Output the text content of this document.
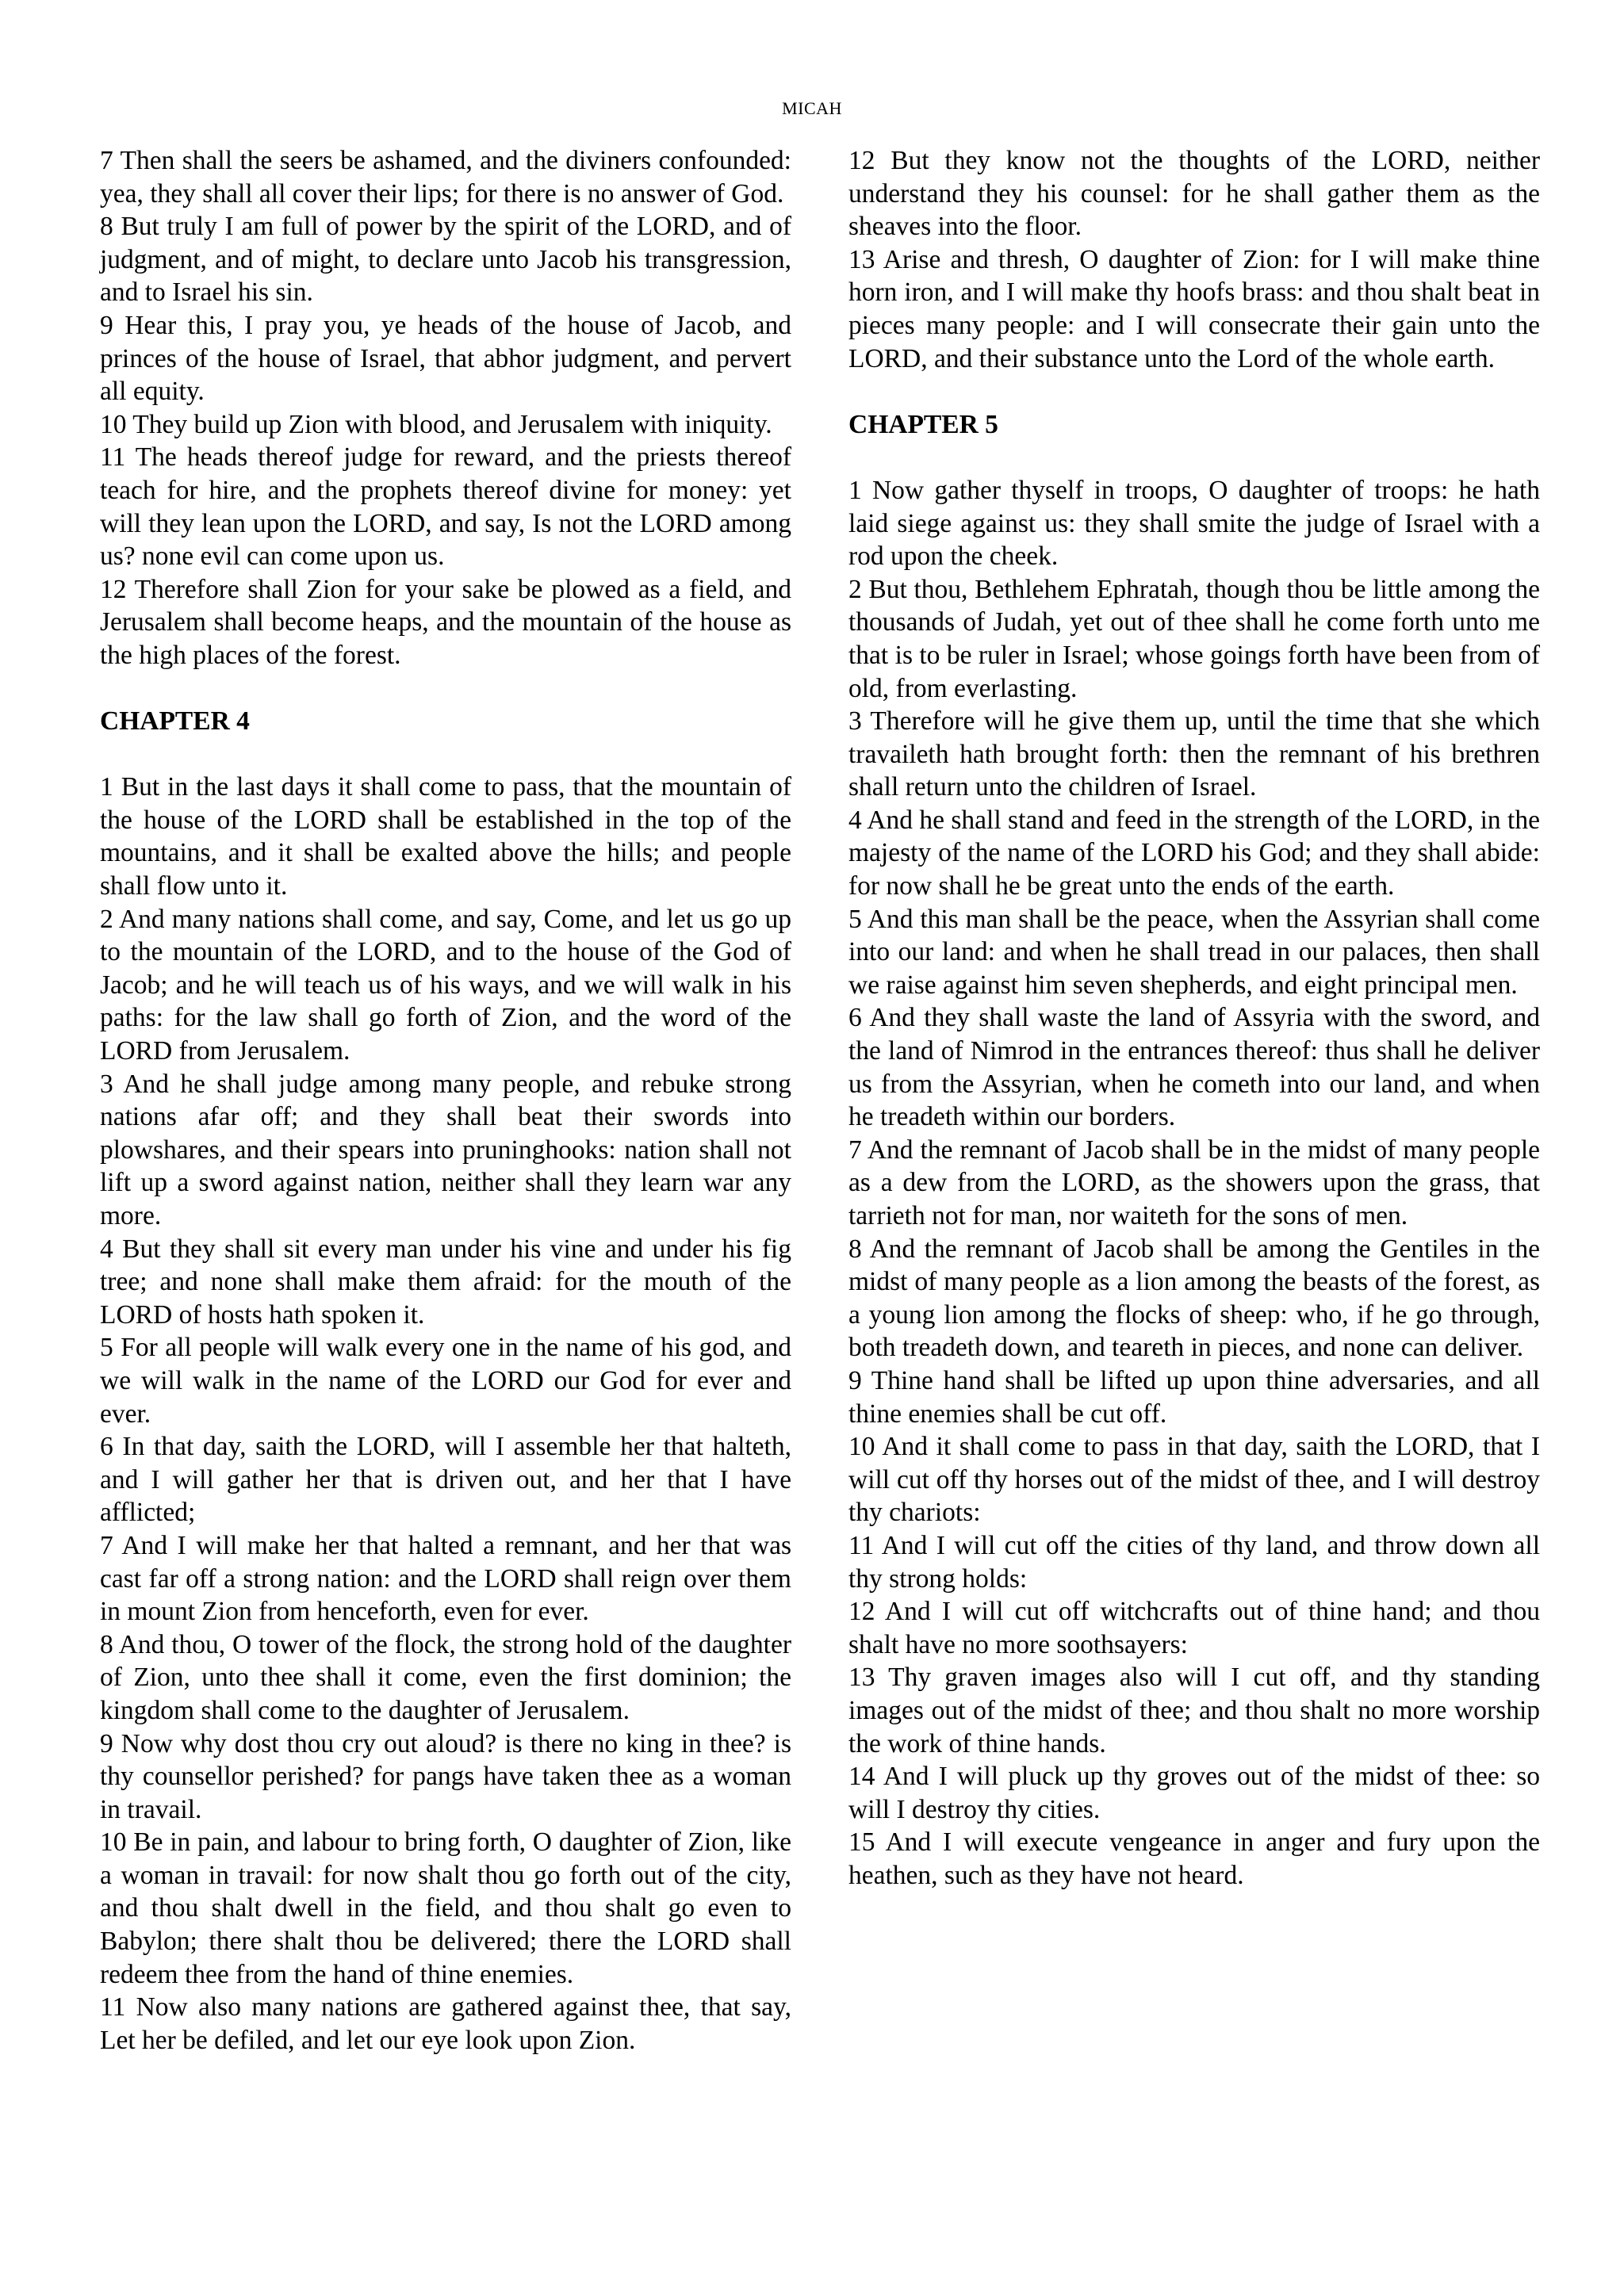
MICAH

7 Then shall the seers be ashamed, and the diviners confounded: yea, they shall all cover their lips; for there is no answer of God.

8 But truly I am full of power by the spirit of the LORD, and of judgment, and of might, to declare unto Jacob his transgression, and to Israel his sin.

9 Hear this, I pray you, ye heads of the house of Jacob, and princes of the house of Israel, that abhor judgment, and pervert all equity.

10 They build up Zion with blood, and Jerusalem with iniquity.

11 The heads thereof judge for reward, and the priests thereof teach for hire, and the prophets thereof divine for money: yet will they lean upon the LORD, and say, Is not the LORD among us? none evil can come upon us.

12 Therefore shall Zion for your sake be plowed as a field, and Jerusalem shall become heaps, and the mountain of the house as the high places of the forest.

CHAPTER 4

1 But in the last days it shall come to pass, that the mountain of the house of the LORD shall be established in the top of the mountains, and it shall be exalted above the hills; and people shall flow unto it.

2 And many nations shall come, and say, Come, and let us go up to the mountain of the LORD, and to the house of the God of Jacob; and he will teach us of his ways, and we will walk in his paths: for the law shall go forth of Zion, and the word of the LORD from Jerusalem.

3 And he shall judge among many people, and rebuke strong nations afar off; and they shall beat their swords into plowshares, and their spears into pruninghooks: nation shall not lift up a sword against nation, neither shall they learn war any more.

4 But they shall sit every man under his vine and under his fig tree; and none shall make them afraid: for the mouth of the LORD of hosts hath spoken it.

5 For all people will walk every one in the name of his god, and we will walk in the name of the LORD our God for ever and ever.

6 In that day, saith the LORD, will I assemble her that halteth, and I will gather her that is driven out, and her that I have afflicted;

7 And I will make her that halted a remnant, and her that was cast far off a strong nation: and the LORD shall reign over them in mount Zion from henceforth, even for ever.

8 And thou, O tower of the flock, the strong hold of the daughter of Zion, unto thee shall it come, even the first dominion; the kingdom shall come to the daughter of Jerusalem.

9 Now why dost thou cry out aloud? is there no king in thee? is thy counsellor perished? for pangs have taken thee as a woman in travail.

10 Be in pain, and labour to bring forth, O daughter of Zion, like a woman in travail: for now shalt thou go forth out of the city, and thou shalt dwell in the field, and thou shalt go even to Babylon; there shalt thou be delivered; there the LORD shall redeem thee from the hand of thine enemies.

11 Now also many nations are gathered against thee, that say, Let her be defiled, and let our eye look upon Zion.

12 But they know not the thoughts of the LORD, neither understand they his counsel: for he shall gather them as the sheaves into the floor.

13 Arise and thresh, O daughter of Zion: for I will make thine horn iron, and I will make thy hoofs brass: and thou shalt beat in pieces many people: and I will consecrate their gain unto the LORD, and their substance unto the Lord of the whole earth.

CHAPTER 5

1 Now gather thyself in troops, O daughter of troops: he hath laid siege against us: they shall smite the judge of Israel with a rod upon the cheek.

2 But thou, Bethlehem Ephratah, though thou be little among the thousands of Judah, yet out of thee shall he come forth unto me that is to be ruler in Israel; whose goings forth have been from of old, from everlasting.

3 Therefore will he give them up, until the time that she which travaileth hath brought forth: then the remnant of his brethren shall return unto the children of Israel.

4 And he shall stand and feed in the strength of the LORD, in the majesty of the name of the LORD his God; and they shall abide: for now shall he be great unto the ends of the earth.

5 And this man shall be the peace, when the Assyrian shall come into our land: and when he shall tread in our palaces, then shall we raise against him seven shepherds, and eight principal men.

6 And they shall waste the land of Assyria with the sword, and the land of Nimrod in the entrances thereof: thus shall he deliver us from the Assyrian, when he cometh into our land, and when he treadeth within our borders.

7 And the remnant of Jacob shall be in the midst of many people as a dew from the LORD, as the showers upon the grass, that tarrieth not for man, nor waiteth for the sons of men.

8 And the remnant of Jacob shall be among the Gentiles in the midst of many people as a lion among the beasts of the forest, as a young lion among the flocks of sheep: who, if he go through, both treadeth down, and teareth in pieces, and none can deliver.

9 Thine hand shall be lifted up upon thine adversaries, and all thine enemies shall be cut off.

10 And it shall come to pass in that day, saith the LORD, that I will cut off thy horses out of the midst of thee, and I will destroy thy chariots:

11 And I will cut off the cities of thy land, and throw down all thy strong holds:

12 And I will cut off witchcrafts out of thine hand; and thou shalt have no more soothsayers:

13 Thy graven images also will I cut off, and thy standing images out of the midst of thee; and thou shalt no more worship the work of thine hands.

14 And I will pluck up thy groves out of the midst of thee: so will I destroy thy cities.

15 And I will execute vengeance in anger and fury upon the heathen, such as they have not heard.
